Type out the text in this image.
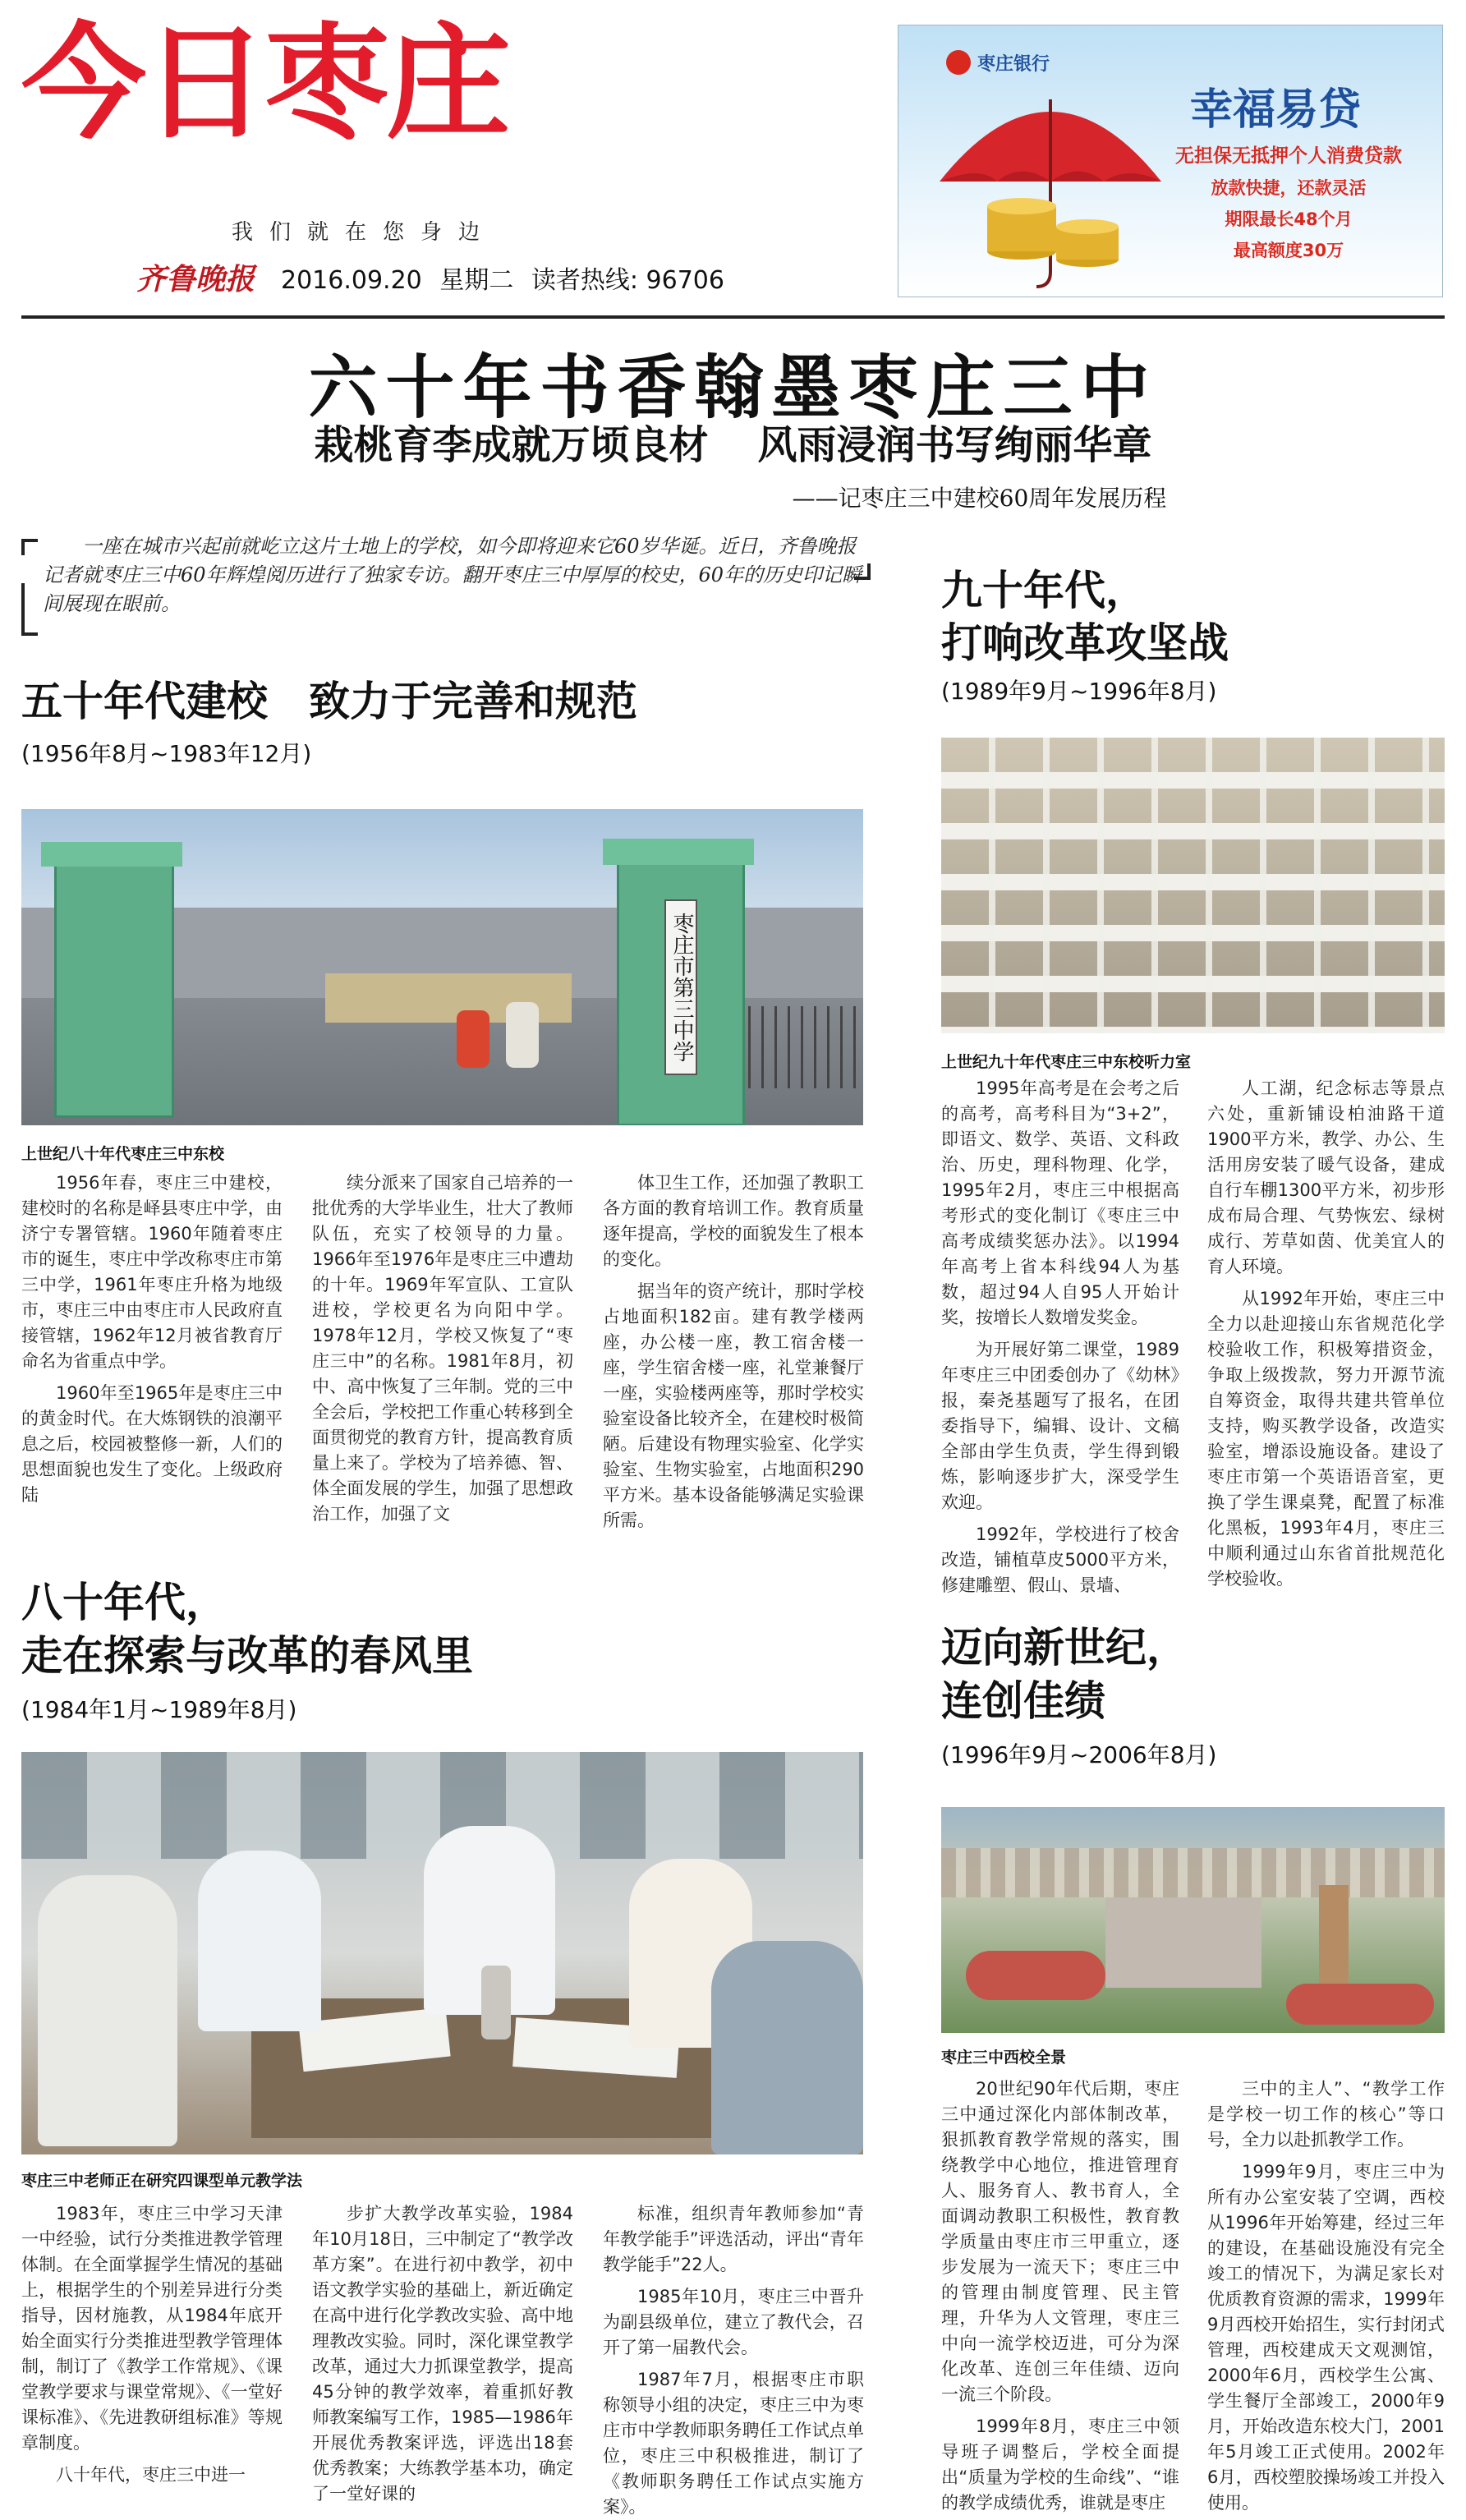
今日枣庄
我们就在您身边
齐鲁晚报 2016.09.20 星期二 读者热线: 96706
枣庄银行
幸福易贷
无担保无抵押个人消费贷款
放款快捷，还款灵活
期限最长48个月
最高额度30万
六十年书香翰墨枣庄三中
栽桃育李成就万顷良材 风雨浸润书写绚丽华章
——记枣庄三中建校60周年发展历程
一座在城市兴起前就屹立这片土地上的学校，如今即将迎来它60岁华诞。近日，齐鲁晚报记者就枣庄三中60年辉煌阅历进行了独家专访。翻开枣庄三中厚厚的校史，60年的历史印记瞬间展现在眼前。
五十年代建校　致力于完善和规范
(1956年8月~1983年12月)
枣庄市第三中学
上世纪八十年代枣庄三中东校

1956年春，枣庄三中建校，建校时的名称是峄县枣庄中学，由济宁专署管辖。1960年随着枣庄市的诞生，枣庄中学改称枣庄市第三中学，1961年枣庄升格为地级市，枣庄三中由枣庄市人民政府直接管辖，1962年12月被省教育厅命名为省重点中学。

1960年至1965年是枣庄三中的黄金时代。在大炼钢铁的浪潮平息之后，校园被整修一新，人们的思想面貌也发生了变化。上级政府陆

续分派来了国家自己培养的一批优秀的大学毕业生，壮大了教师队伍，充实了校领导的力量。1966年至1976年是枣庄三中遭劫的十年。1969年军宣队、工宣队进校，学校更名为向阳中学。1978年12月，学校又恢复了“枣庄三中”的名称。1981年8月，初中、高中恢复了三年制。党的三中全会后，学校把工作重心转移到全面贯彻党的教育方针，提高教育质量上来了。学校为了培养德、智、体全面发展的学生，加强了思想政治工作，加强了文

体卫生工作，还加强了教职工各方面的教育培训工作。教育质量逐年提高，学校的面貌发生了根本的变化。

据当年的资产统计，那时学校占地面积182亩。建有教学楼两座，办公楼一座，教工宿舍楼一座，学生宿舍楼一座，礼堂兼餐厅一座，实验楼两座等，那时学校实验室设备比较齐全，在建校时极简陋。后建设有物理实验室、化学实验室、生物实验室，占地面积290平方米。基本设备能够满足实验课所需。

八十年代，
走在探索与改革的春风里
(1984年1月~1989年8月)
枣庄三中老师正在研究四课型单元教学法

1983年，枣庄三中学习天津一中经验，试行分类推进教学管理体制。在全面掌握学生情况的基础上，根据学生的个别差异进行分类指导，因材施教，从1984年底开始全面实行分类推进型教学管理体制，制订了《教学工作常规》、《课堂教学要求与课堂常规》、《一堂好课标准》、《先进教研组标准》等规章制度。

八十年代，枣庄三中进一

步扩大教学改革实验，1984年10月18日，三中制定了“教学改革方案”。在进行初中教学，初中语文教学实验的基础上，新近确定在高中进行化学教改实验、高中地理教改实验。同时，深化课堂教学改革，通过大力抓课堂教学，提高45分钟的教学效率，着重抓好教师教案编写工作，1985—1986年开展优秀教案评选，评选出18套优秀教案；大练教学基本功，确定了一堂好课的

标准，组织青年教师参加“青年教学能手”评选活动，评出“青年教学能手”22人。

1985年10月，枣庄三中晋升为副县级单位，建立了教代会，召开了第一届教代会。

1987年7月，根据枣庄市职称领导小组的决定，枣庄三中为枣庄市中学教师职务聘任工作试点单位，枣庄三中积极推进，制订了《教师职务聘任工作试点实施方案》。

九十年代，
打响改革攻坚战
(1989年9月~1996年8月)
上世纪九十年代枣庄三中东校听力室

1995年高考是在会考之后的高考，高考科目为“3+2”，即语文、数学、英语、文科政治、历史，理科物理、化学，1995年2月，枣庄三中根据高考形式的变化制订《枣庄三中高考成绩奖惩办法》。以1994年高考上省本科线94人为基数，超过94人自95人开始计奖，按增长人数增发奖金。

为开展好第二课堂，1989年枣庄三中团委创办了《幼林》报，秦尧基题写了报名，在团委指导下，编辑、设计、文稿全部由学生负责，学生得到锻炼，影响逐步扩大，深受学生欢迎。

1992年，学校进行了校舍改造，铺植草皮5000平方米，修建雕塑、假山、景墙、

人工湖，纪念标志等景点六处，重新铺设柏油路干道1900平方米，教学、办公、生活用房安装了暖气设备，建成自行车棚1300平方米，初步形成布局合理、气势恢宏、绿树成行、芳草如茵、优美宜人的育人环境。

从1992年开始，枣庄三中全力以赴迎接山东省规范化学校验收工作，积极筹措资金，争取上级拨款，努力开源节流自筹资金，取得共建共管单位支持，购买教学设备，改造实验室，增添设施设备。建设了枣庄市第一个英语语音室，更换了学生课桌凳，配置了标准化黑板，1993年4月，枣庄三中顺利通过山东省首批规范化学校验收。

迈向新世纪，
连创佳绩
(1996年9月~2006年8月)
枣庄三中西校全景

20世纪90年代后期，枣庄三中通过深化内部体制改革，狠抓教育教学常规的落实，围绕教学中心地位，推进管理育人、服务育人、教书育人，全面调动教职工积极性，教育教学质量由枣庄市三甲重立，逐步发展为一流天下；枣庄三中的管理由制度管理、民主管理，升华为人文管理，枣庄三中向一流学校迈进，可分为深化改革、连创三年佳绩、迈向一流三个阶段。

1999年8月，枣庄三中领导班子调整后，学校全面提出“质量为学校的生命线”、“谁的教学成绩优秀，谁就是枣庄

三中的主人”、“教学工作是学校一切工作的核心”等口号，全力以赴抓教学工作。

1999年9月，枣庄三中为所有办公室安装了空调，西校从1996年开始筹建，经过三年的建设，在基础设施没有完全竣工的情况下，为满足家长对优质教育资源的需求，1999年9月西校开始招生，实行封闭式管理，西校建成天文观测馆，2000年6月，西校学生公寓、学生餐厅全部竣工，2000年9月，开始改造东校大门，2001年5月竣工正式使用。2002年6月，西校塑胶操场竣工并投入使用。
